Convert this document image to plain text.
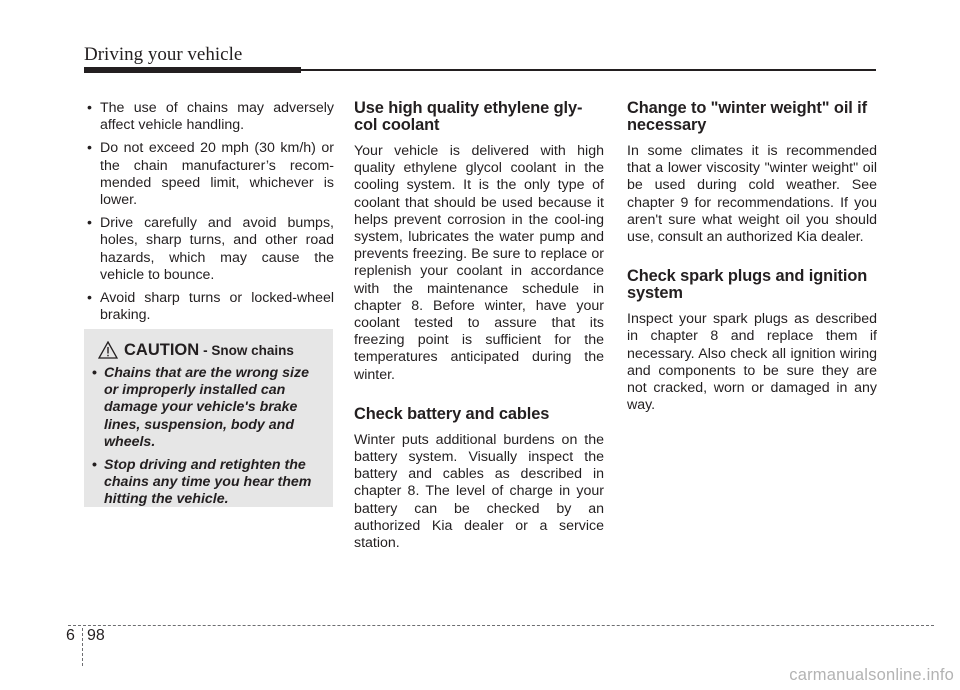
Driving your vehicle
• The use of chains may adversely affect vehicle handling.
• Do not exceed 20 mph (30 km/h) or the chain manufacturer’s recom-mended speed limit, whichever is lower.
• Drive carefully and avoid bumps, holes, sharp turns, and other road hazards, which may cause the vehicle to bounce.
• Avoid sharp turns or locked-wheel braking.
CAUTION - Snow chains
• Chains that are the wrong size or improperly installed can damage your vehicle's brake lines, suspension, body and wheels.
• Stop driving and retighten the chains any time you hear them hitting the vehicle.
Use high quality ethylene gly-col coolant

Your vehicle is delivered with high quality ethylene glycol coolant in the cooling system. It is the only type of coolant that should be used because it helps prevent corrosion in the cool-ing system, lubricates the water pump and prevents freezing. Be sure to replace or replenish your coolant in accordance with the maintenance schedule in chapter 8. Before winter, have your coolant tested to assure that its freezing point is sufficient for the temperatures anticipated during the winter.

Check battery and cables

Winter puts additional burdens on the battery system. Visually inspect the battery and cables as described in chapter 8. The level of charge in your battery can be checked by an authorized Kia dealer or a service station.

Change to "winter weight" oil if necessary

In some climates it is recommended that a lower viscosity "winter weight" oil be used during cold weather. See chapter 9 for recommendations. If you aren't sure what weight oil you should use, consult an authorized Kia dealer.

Check spark plugs and ignition system

Inspect your spark plugs as described in chapter 8 and replace them if necessary. Also check all ignition wiring and components to be sure they are not cracked, worn or damaged in any way.

6 98
carmanualsonline.info
